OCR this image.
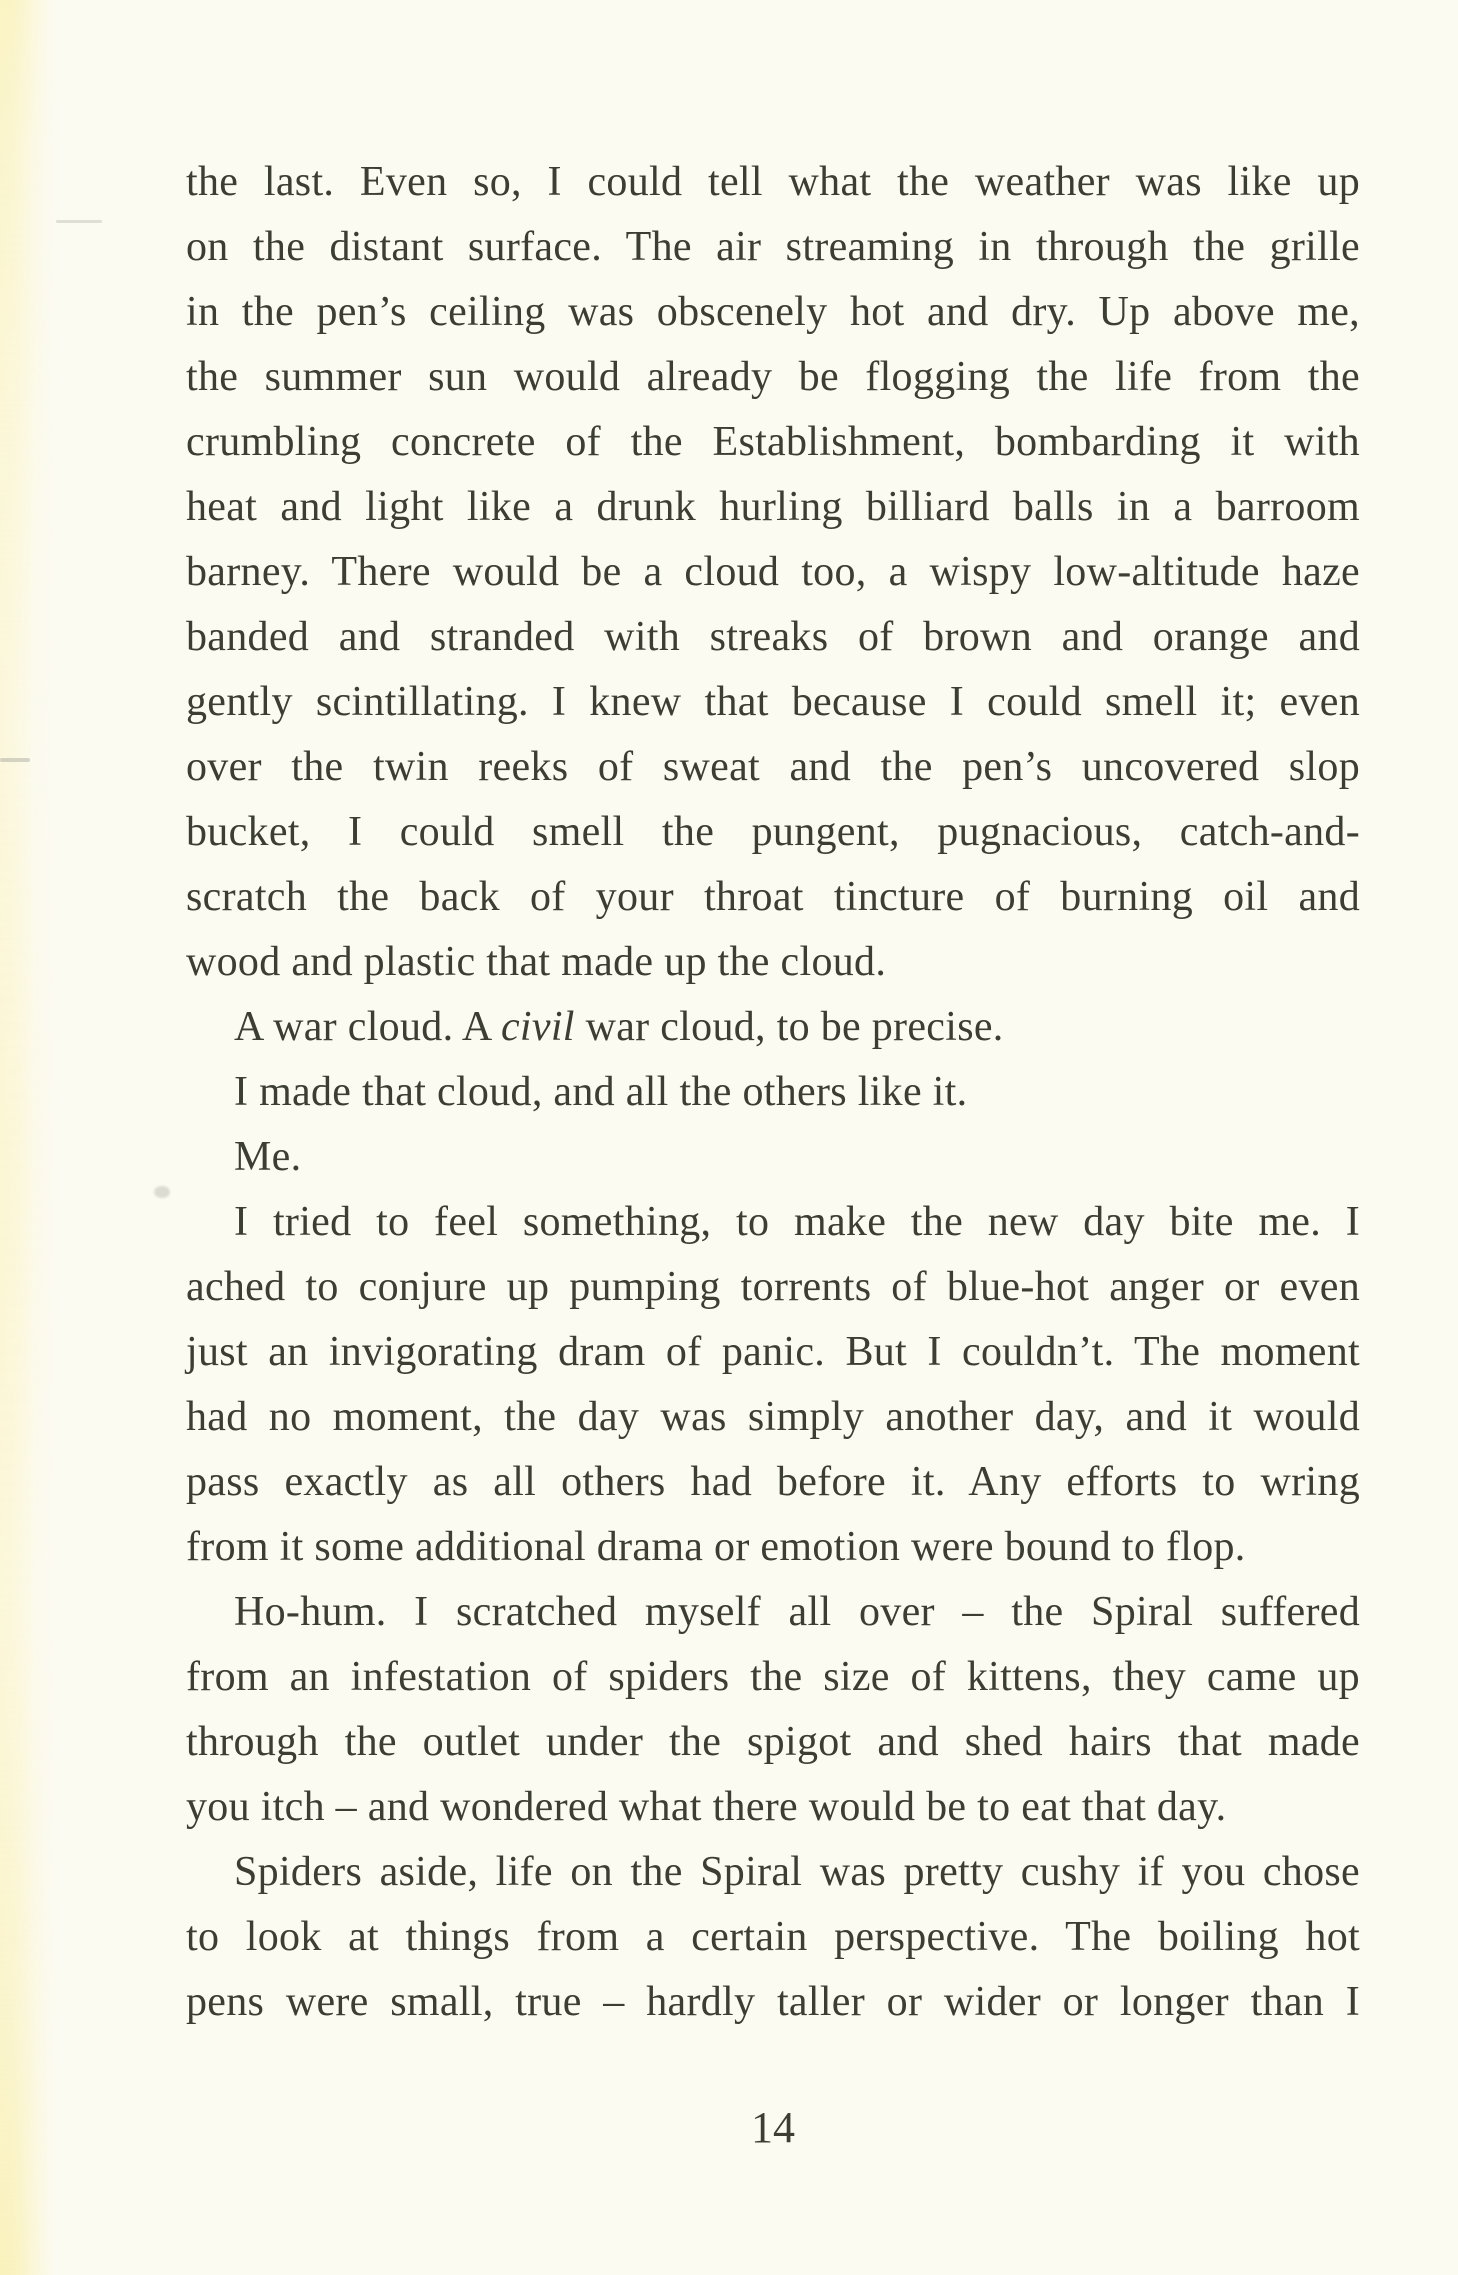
the last. Even so, I could tell what the weather was like up
on the distant surface. The air streaming in through the grille
in the pen’s ceiling was obscenely hot and dry. Up above me,
the summer sun would already be flogging the life from the
crumbling concrete of the Establishment, bombarding it with
heat and light like a drunk hurling billiard balls in a barroom
barney. There would be a cloud too, a wispy low-altitude haze
banded and stranded with streaks of brown and orange and
gently scintillating. I knew that because I could smell it; even
over the twin reeks of sweat and the pen’s uncovered slop
bucket, I could smell the pungent, pugnacious, catch-and-
scratch the back of your throat tincture of burning oil and
wood and plastic that made up the cloud.
A war cloud. A civil war cloud, to be precise.
I made that cloud, and all the others like it.
Me.
I tried to feel something, to make the new day bite me. I
ached to conjure up pumping torrents of blue-hot anger or even
just an invigorating dram of panic. But I couldn’t. The moment
had no moment, the day was simply another day, and it would
pass exactly as all others had before it. Any efforts to wring
from it some additional drama or emotion were bound to flop.
Ho-hum. I scratched myself all over – the Spiral suffered
from an infestation of spiders the size of kittens, they came up
through the outlet under the spigot and shed hairs that made
you itch – and wondered what there would be to eat that day.
Spiders aside, life on the Spiral was pretty cushy if you chose
to look at things from a certain perspective. The boiling hot
pens were small, true – hardly taller or wider or longer than I
14
